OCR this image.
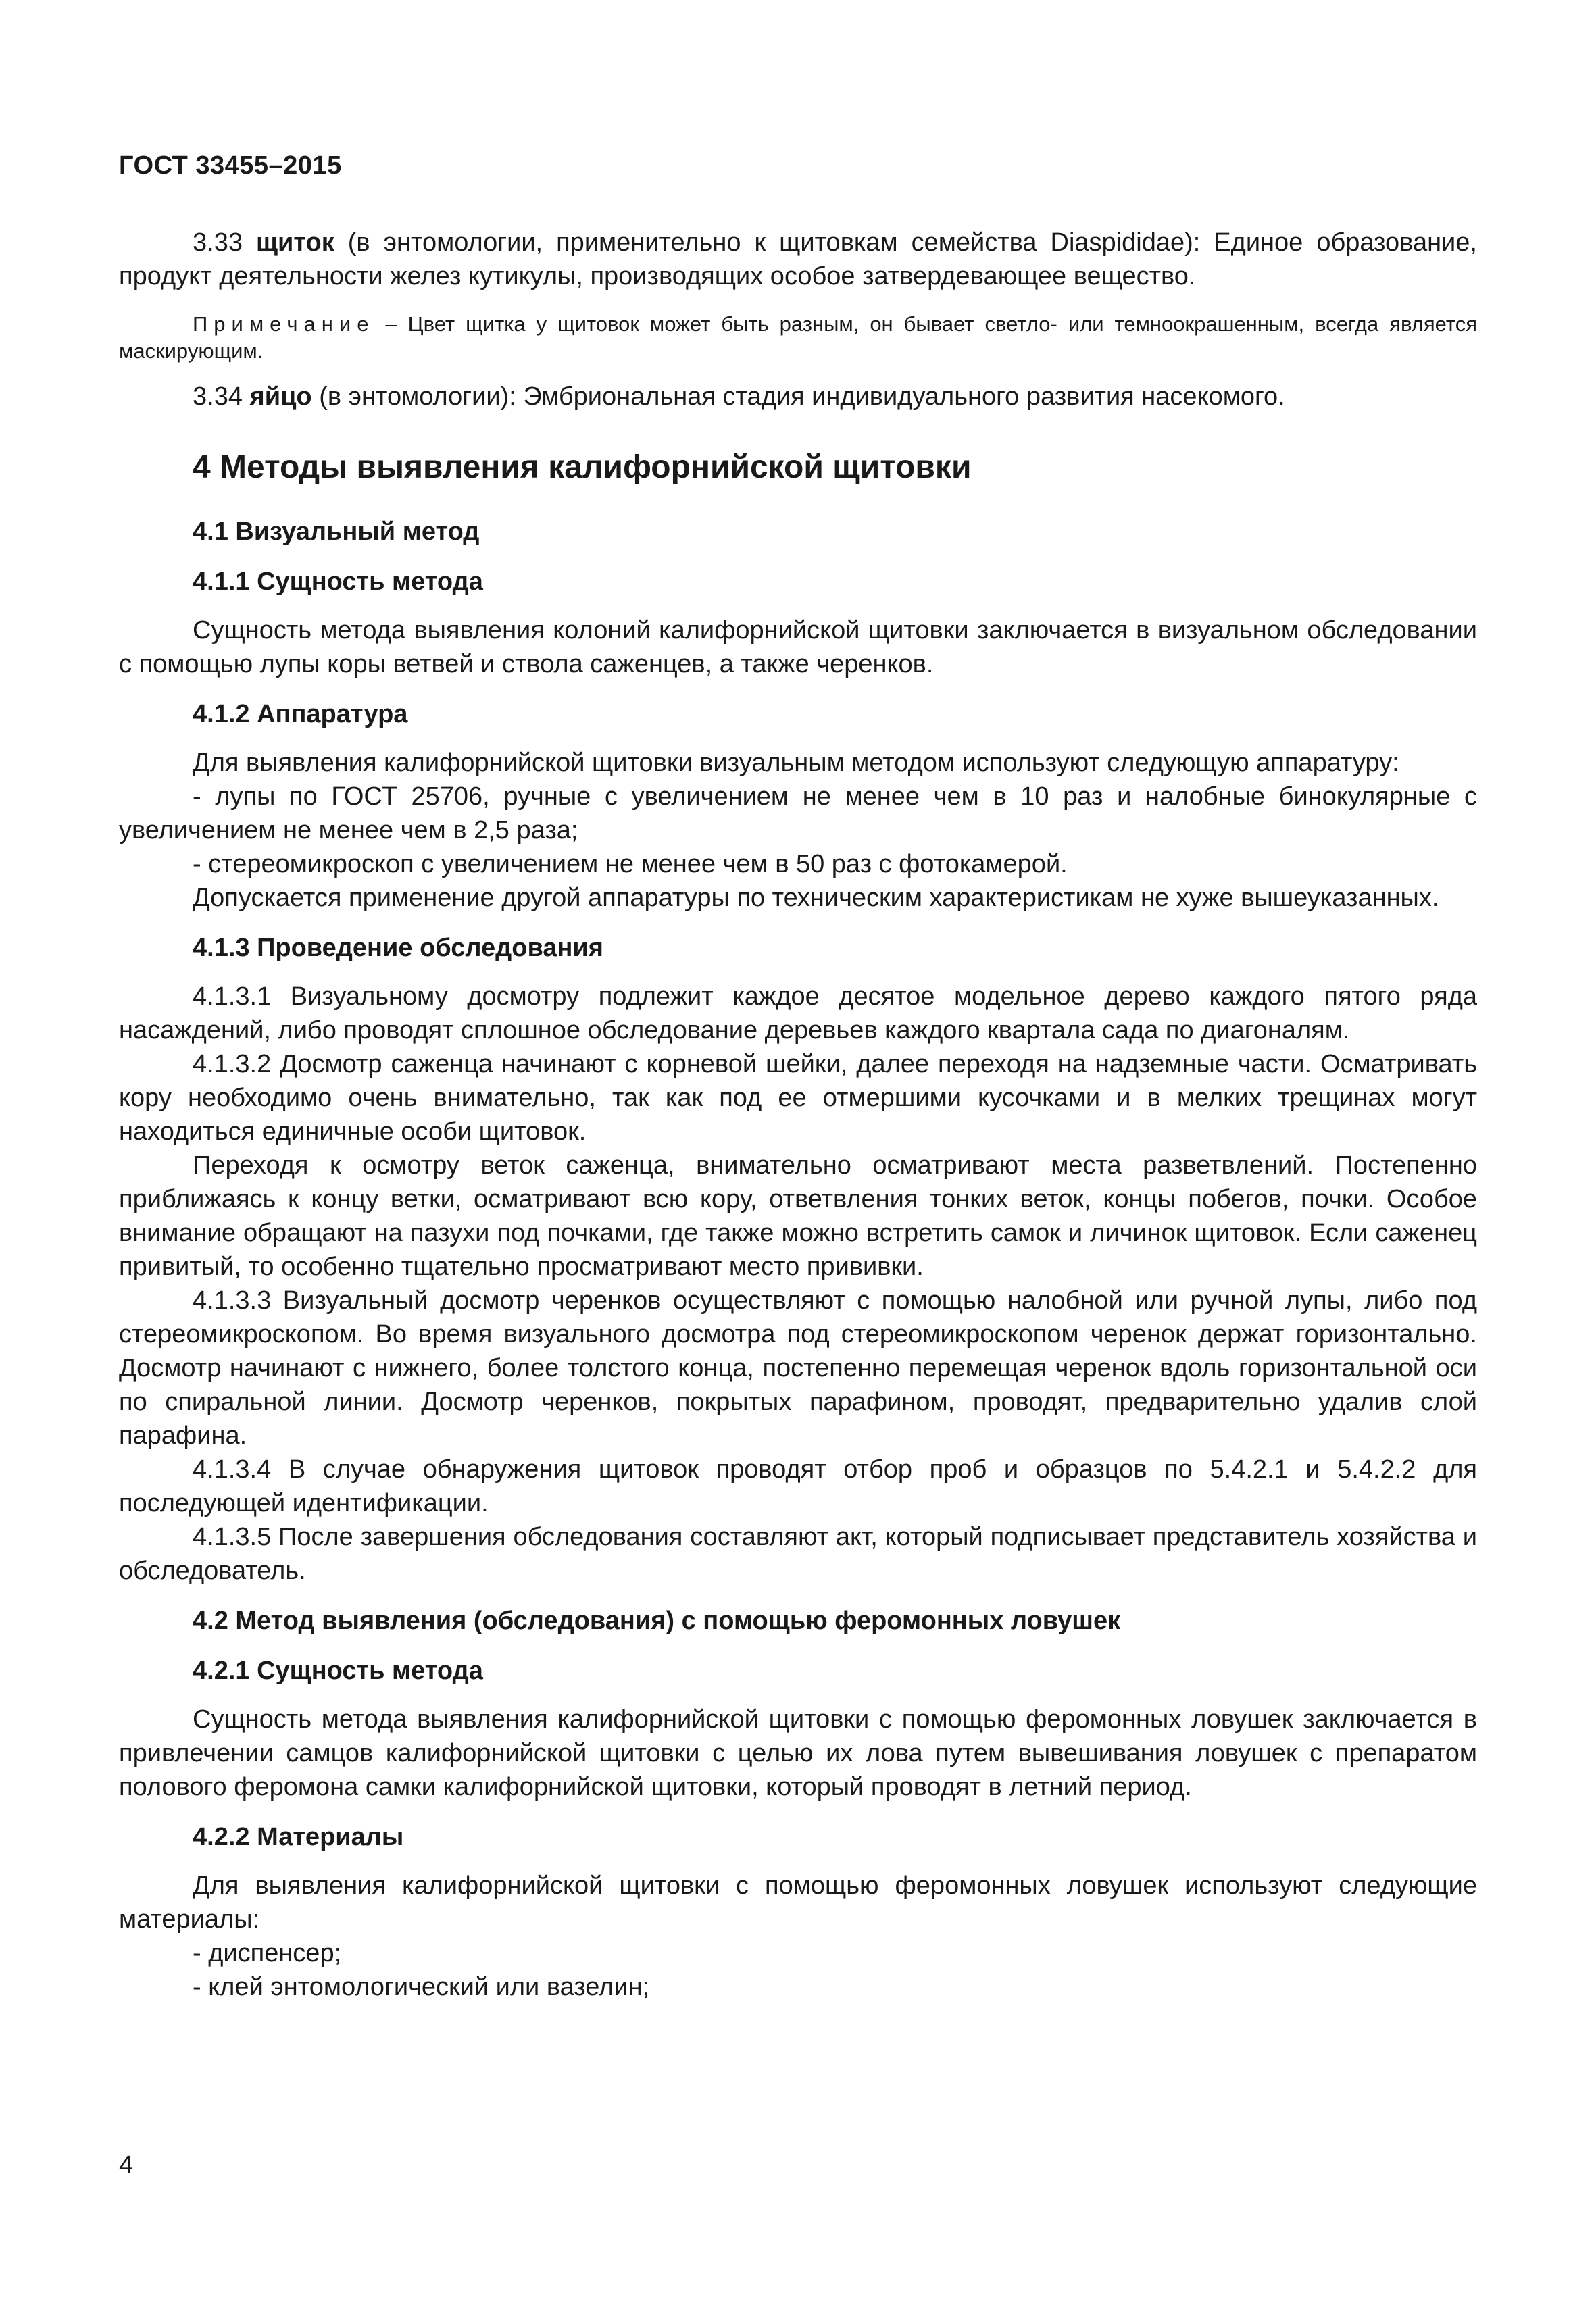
ГОСТ 33455–2015

3.33 щиток (в энтомологии, применительно к щитовкам семейства Diaspididae): Единое образование, продукт деятельности желез кутикулы, производящих особое затвердевающее вещество.

Примечание – Цвет щитка у щитовок может быть разным, он бывает светло- или темноокрашенным, всегда является маскирующим.

3.34 яйцо (в энтомологии): Эмбриональная стадия индивидуального развития насекомого.

4 Методы выявления калифорнийской щитовки
4.1 Визуальный метод
4.1.1 Сущность метода

Сущность метода выявления колоний калифорнийской щитовки заключается в визуальном обследовании с помощью лупы коры ветвей и ствола саженцев, а также черенков.

4.1.2 Аппаратура

Для выявления калифорнийской щитовки визуальным методом используют следующую аппаратуру:

- лупы по ГОСТ 25706, ручные с увеличением не менее чем в 10 раз и налобные бинокулярные с увеличением не менее чем в 2,5 раза;

- стереомикроскоп с увеличением не менее чем в 50 раз с фотокамерой.

Допускается применение другой аппаратуры по техническим характеристикам не хуже вышеуказанных.

4.1.3 Проведение обследования

4.1.3.1 Визуальному досмотру подлежит каждое десятое модельное дерево каждого пятого ряда насаждений, либо проводят сплошное обследование деревьев каждого квартала сада по диагоналям.

4.1.3.2 Досмотр саженца начинают с корневой шейки, далее переходя на надземные части. Осматривать кору необходимо очень внимательно, так как под ее отмершими кусочками и в мелких трещинах могут находиться единичные особи щитовок.

Переходя к осмотру веток саженца, внимательно осматривают места разветвлений. Постепенно приближаясь к концу ветки, осматривают всю кору, ответвления тонких веток, концы побегов, почки. Особое внимание обращают на пазухи под почками, где также можно встретить самок и личинок щитовок. Если саженец привитый, то особенно тщательно просматривают место прививки.

4.1.3.3 Визуальный досмотр черенков осуществляют с помощью налобной или ручной лупы, либо под стереомикроскопом. Во время визуального досмотра под стереомикроскопом черенок держат горизонтально. Досмотр начинают с нижнего, более толстого конца, постепенно перемещая черенок вдоль горизонтальной оси по спиральной линии. Досмотр черенков, покрытых парафином, проводят, предварительно удалив слой парафина.

4.1.3.4 В случае обнаружения щитовок проводят отбор проб и образцов по 5.4.2.1 и 5.4.2.2 для последующей идентификации.

4.1.3.5 После завершения обследования составляют акт, который подписывает представитель хозяйства и обследователь.

4.2 Метод выявления (обследования) с помощью феромонных ловушек
4.2.1 Сущность метода

Сущность метода выявления калифорнийской щитовки с помощью феромонных ловушек заключается в привлечении самцов калифорнийской щитовки с целью их лова путем вывешивания ловушек с препаратом полового феромона самки калифорнийской щитовки, который проводят в летний период.

4.2.2 Материалы

Для выявления калифорнийской щитовки с помощью феромонных ловушек используют следующие материалы:

- диспенсер;

- клей энтомологический или вазелин;

4
